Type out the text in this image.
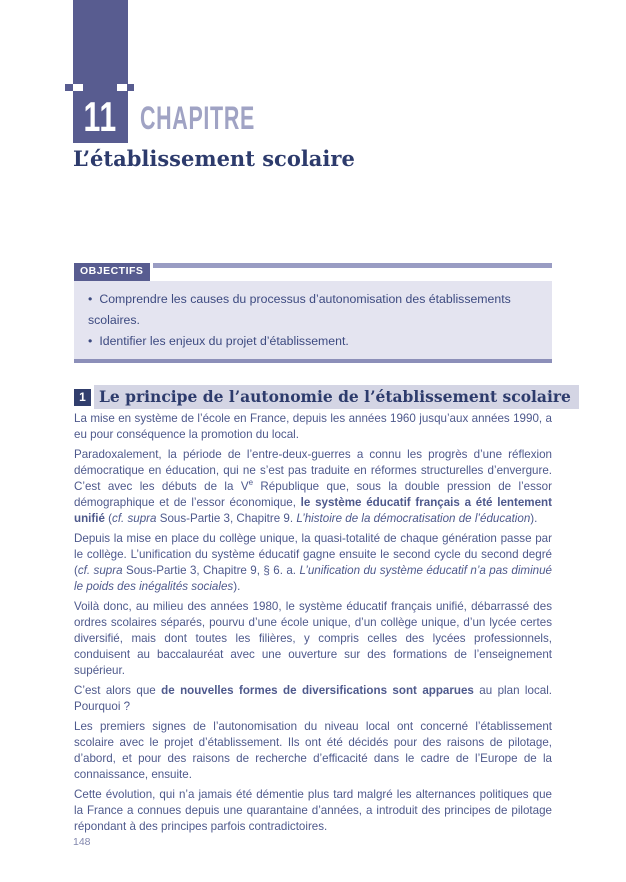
11 CHAPITRE
L’établissement scolaire
OBJECTIFS
• Comprendre les causes du processus d’autonomisation des établissements scolaires.
• Identifier les enjeux du projet d’établissement.
1 Le principe de l’autonomie de l’établissement scolaire

La mise en système de l’école en France, depuis les années 1960 jusqu’aux années 1990, a eu pour conséquence la promotion du local.

Paradoxalement, la période de l’entre-deux-guerres a connu les progrès d’une réflexion démocratique en éducation, qui ne s’est pas traduite en réformes structurelles d’envergure. C’est avec les débuts de la Ve République que, sous la double pression de l’essor démographique et de l’essor économique, le système éducatif français a été lentement unifié (cf. supra Sous-Partie 3, Chapitre 9. L’histoire de la démocratisation de l’éducation).

Depuis la mise en place du collège unique, la quasi-totalité de chaque génération passe par le collège. L’unification du système éducatif gagne ensuite le second cycle du second degré (cf. supra Sous-Partie 3, Chapitre 9, § 6. a. L’unification du système éducatif n’a pas diminué le poids des inégalités sociales).

Voilà donc, au milieu des années 1980, le système éducatif français unifié, débarrassé des ordres scolaires séparés, pourvu d’une école unique, d’un collège unique, d’un lycée certes diversifié, mais dont toutes les filières, y compris celles des lycées professionnels, conduisent au baccalauréat avec une ouverture sur des formations de l’enseignement supérieur.

C’est alors que de nouvelles formes de diversifications sont apparues au plan local. Pourquoi ?

Les premiers signes de l’autonomisation du niveau local ont concerné l’établissement scolaire avec le projet d’établissement. Ils ont été décidés pour des raisons de pilotage, d’abord, et pour des raisons de recherche d’efficacité dans le cadre de l’Europe de la connaissance, ensuite.

Cette évolution, qui n’a jamais été démentie plus tard malgré les alternances politiques que la France a connues depuis une quarantaine d’années, a introduit des principes de pilotage répondant à des principes parfois contradictoires.

148
